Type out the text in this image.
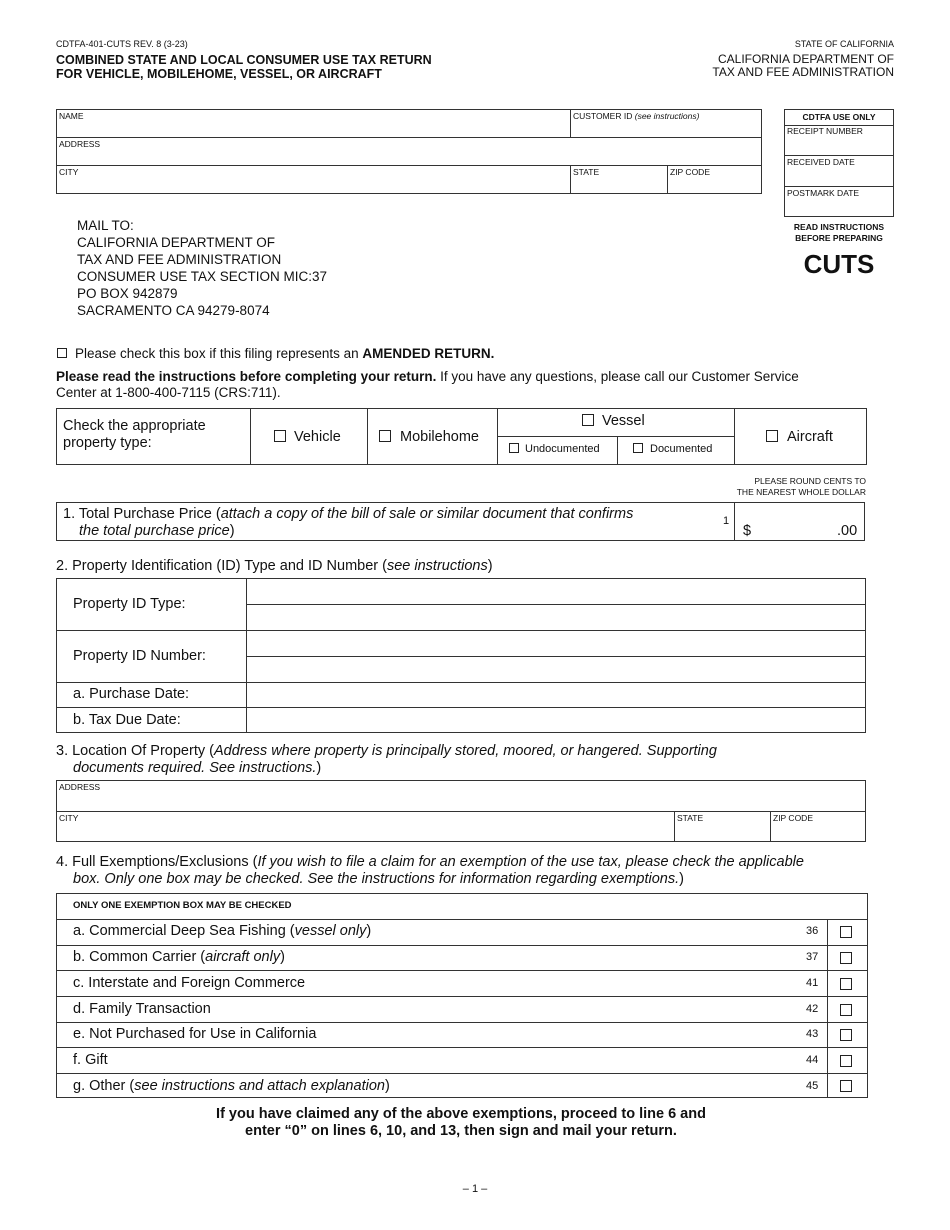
CDTFA-401-CUTS REV. 8 (3-23)
COMBINED STATE AND LOCAL CONSUMER USE TAX RETURN
FOR VEHICLE, MOBILEHOME, VESSEL, OR AIRCRAFT
STATE OF CALIFORNIA
CALIFORNIA DEPARTMENT OF
TAX AND FEE ADMINISTRATION
NAME	CUSTOMER ID (see instructions)
ADDRESS
CITY	STATE	ZIP CODE
CDTFA USE ONLY
RECEIPT NUMBER
RECEIVED DATE
POSTMARK DATE
READ INSTRUCTIONS
BEFORE PREPARING
CUTS
MAIL TO:
CALIFORNIA DEPARTMENT OF
TAX AND FEE ADMINISTRATION
CONSUMER USE TAX SECTION MIC:37
PO BOX 942879
SACRAMENTO CA 94279-8074
Please check this box if this filing represents an AMENDED RETURN.
Please read the instructions before completing your return. If you have any questions, please call our Customer Service
Center at 1-800-400-7115 (CRS:711).
Check the appropriate
property type:	Vehicle	Mobilehome
Vessel
Undocumented	Documented
Aircraft
PLEASE ROUND CENTS TO
THE NEAREST WHOLE DOLLAR
1. Total Purchase Price (attach a copy of the bill of sale or similar document that confirms
the total purchase price)
1
$	.00
2. Property Identification (ID) Type and ID Number (see instructions)
Property ID Type:
Property ID Number:
a. Purchase Date:
b. Tax Due Date:
3. Location Of Property (Address where property is principally stored, moored, or hangered. Supporting
documents required. See instructions.)
ADDRESS
CITY	STATE	ZIP CODE
4. Full Exemptions/Exclusions (If you wish to file a claim for an exemption of the use tax, please check the applicable
box. Only one box may be checked. See the instructions for information regarding exemptions.)
ONLY ONE EXEMPTION BOX MAY BE CHECKED
a. Commercial Deep Sea Fishing (vessel only)	36
b. Common Carrier (aircraft only)	37
c. Interstate and Foreign Commerce	41
d. Family Transaction	42
e. Not Purchased for Use in California	43
f. Gift	44
g. Other (see instructions and attach explanation)	45
If you have claimed any of the above exemptions, proceed to line 6 and
enter “0” on lines 6, 10, and 13, then sign and mail your return.
– 1 –
